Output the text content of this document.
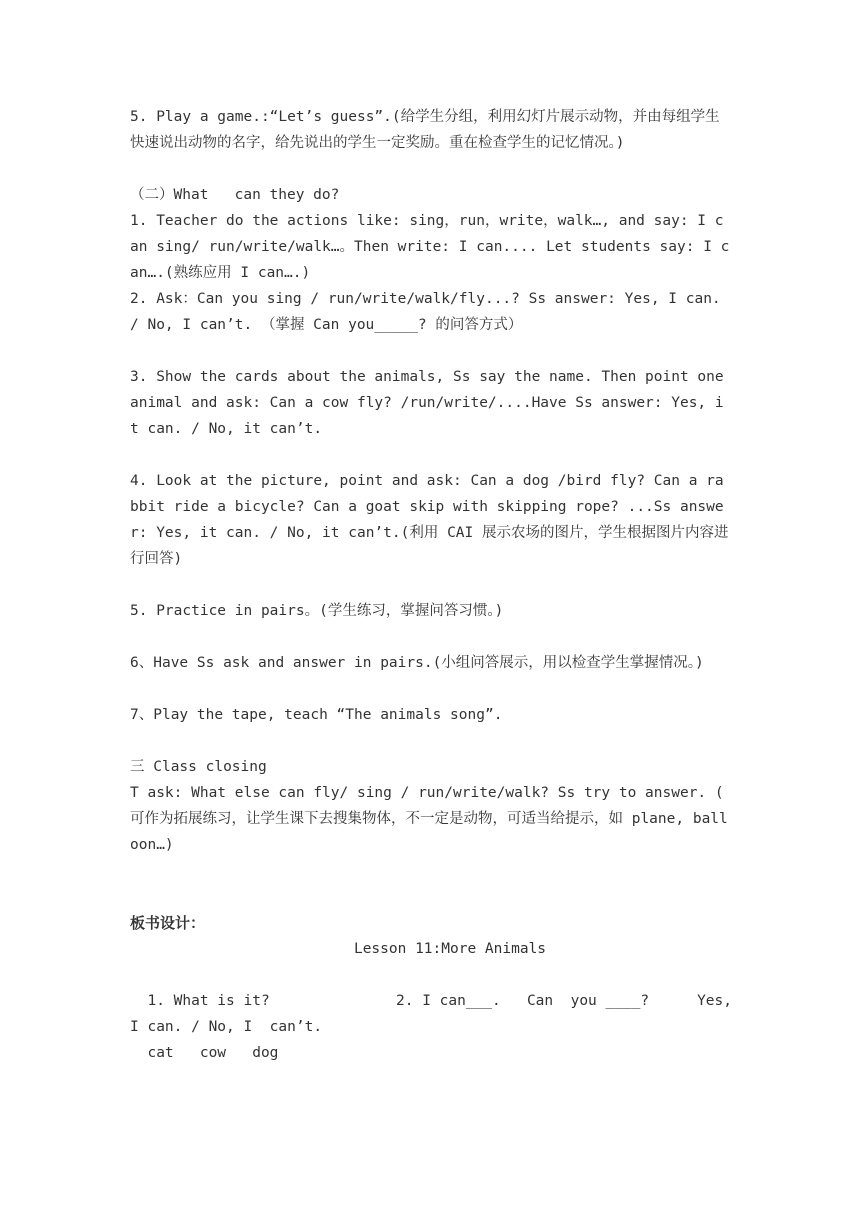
5. Play a game.:“Let’s guess”.(给学生分组，利用幻灯片展示动物，并由每组学生快速说出动物的名字，给先说出的学生一定奖励。重在检查学生的记忆情况。)

（二）What   can they do?

1. Teacher do the actions like: sing，run，write，walk…, and say: I can sing/ run/write/walk…。Then write: I can.... Let students say: I can….(熟练应用 I can….)

2. Ask：Can you sing / run/write/walk/fly...? Ss answer: Yes, I can. / No, I can’t. （掌握 Can you_____? 的问答方式）

3. Show the cards about the animals, Ss say the name. Then point one animal and ask: Can a cow fly? /run/write/....Have Ss answer: Yes, it can. / No, it can’t.

4. Look at the picture, point and ask: Can a dog /bird fly? Can a rabbit ride a bicycle? Can a goat skip with skipping rope? ...Ss answer: Yes, it can. / No, it can’t.(利用 CAI 展示农场的图片，学生根据图片内容进行回答)

5. Practice in pairs。(学生练习，掌握问答习惯。)

6、Have Ss ask and answer in pairs.(小组问答展示，用以检查学生掌握情况。)

7、Play the tape, teach “The animals song”.

三 Class closing

T ask: What else can fly/ sing / run/write/walk? Ss try to answer. ( 可作为拓展练习，让学生课下去搜集物体，不一定是动物，可适当给提示，如 plane, balloon…)

板书设计：

Lesson 11:More Animals

1. What is it?	2. I can___.   Can  you ____?	Yes,

I can. / No, I  can’t.

cat   cow   dog
